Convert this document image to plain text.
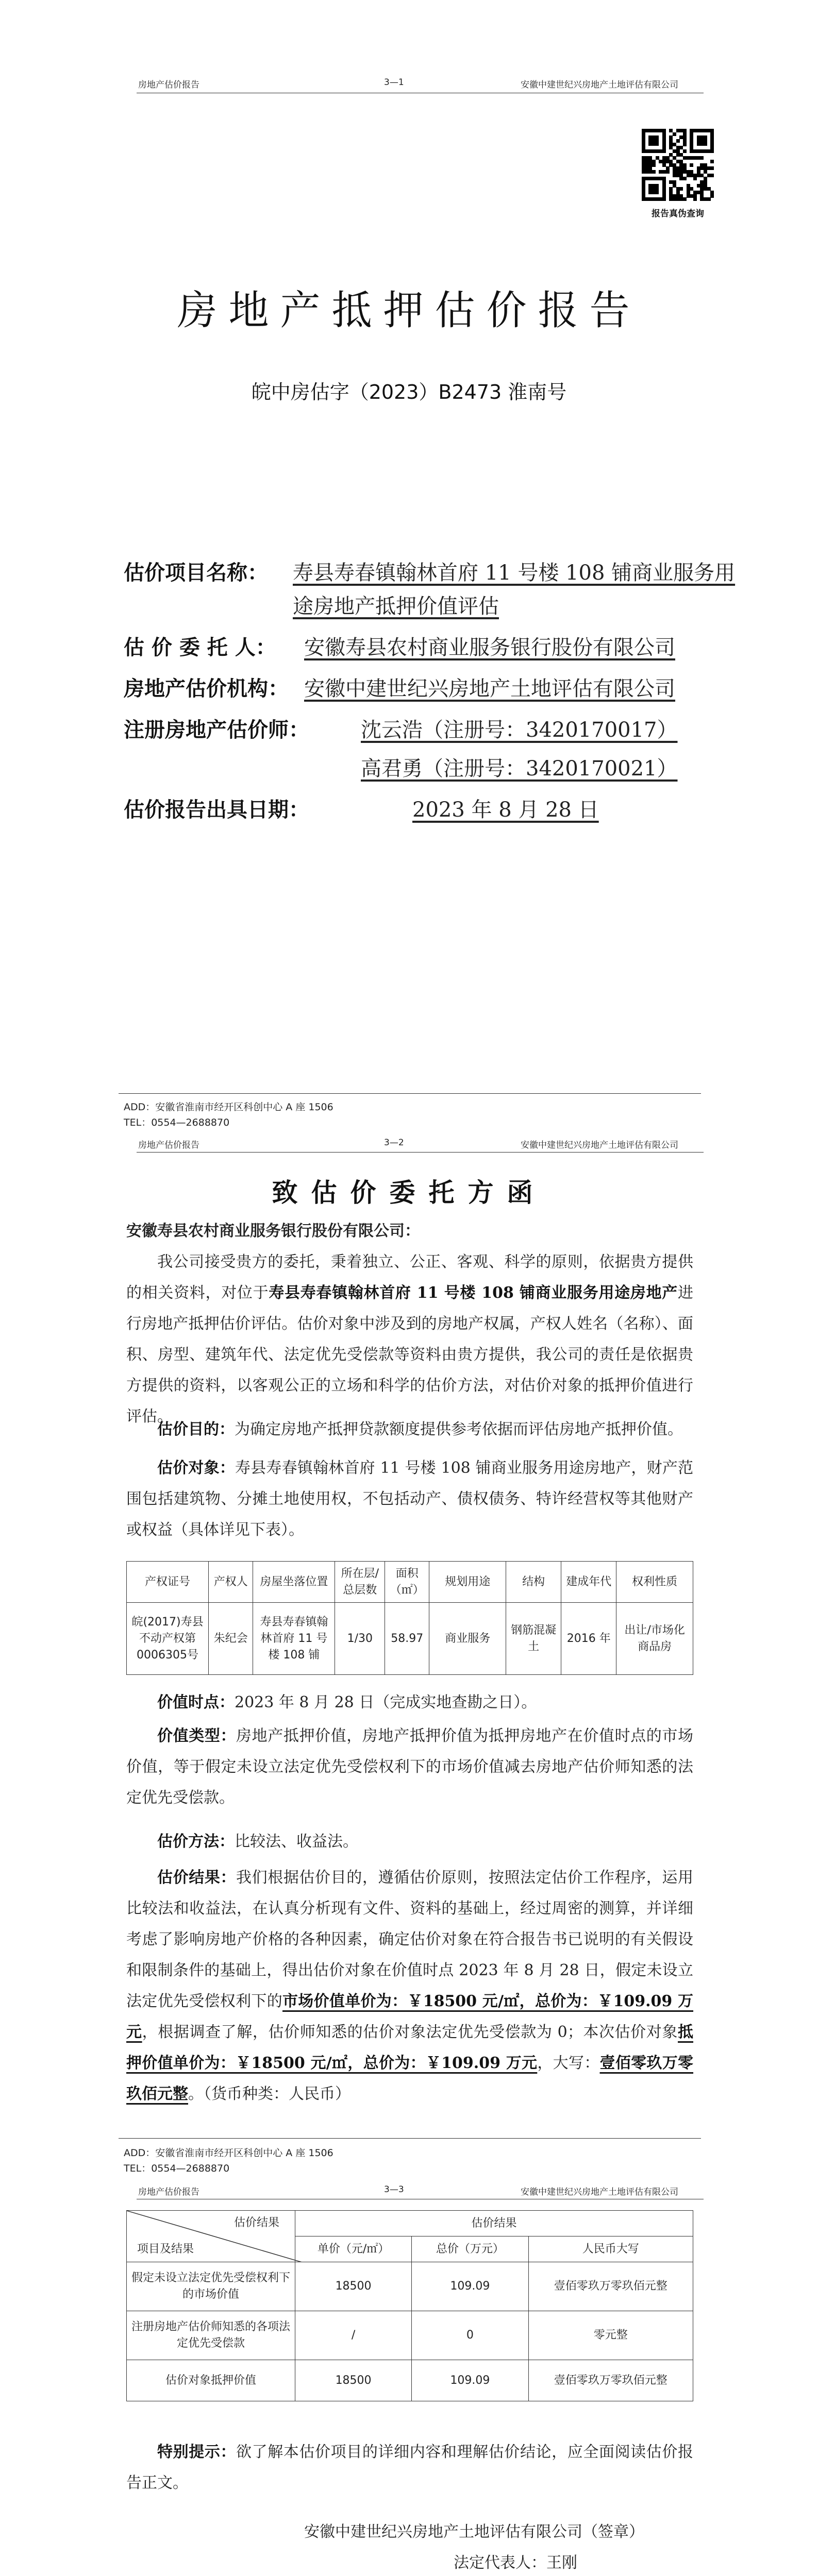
房地产估价报告	3—1	安徽中建世纪兴房地产土地评估有限公司
报告真伪查询
房地产抵押估价报告
皖中房估字（2023）B2473 淮南号
估价项目名称： 寿县寿春镇翰林首府 11 号楼 108 铺商业服务用
途房地产抵押价值评估
估 价 委 托 人： 安徽寿县农村商业服务银行股份有限公司
房地产估价机构： 安徽中建世纪兴房地产土地评估有限公司
注册房地产估价师：	沈云浩（注册号：3420170017）
高君勇（注册号：3420170021）
估价报告出具日期：	2023 年 8 月 28 日
ADD：安徽省淮南市经开区科创中心 A 座 1506
TEL：0554—2688870
房地产估价报告	3—2	安徽中建世纪兴房地产土地评估有限公司
致估价委托方函
安徽寿县农村商业服务银行股份有限公司：
我公司接受贵方的委托，秉着独立、公正、客观、科学的原则，依据贵方提供的相关资料，对位于寿县寿春镇翰林首府 11 号楼 108 铺商业服务用途房地产进行房地产抵押估价评估。估价对象中涉及到的房地产权属，产权人姓名（名称）、面积、房型、建筑年代、法定优先受偿款等资料由贵方提供，我公司的责任是依据贵方提供的资料，以客观公正的立场和科学的估价方法，对估价对象的抵押价值进行评估。
估价目的：为确定房地产抵押贷款额度提供参考依据而评估房地产抵押价值。
估价对象：寿县寿春镇翰林首府 11 号楼 108 铺商业服务用途房地产，财产范围包括建筑物、分摊土地使用权，不包括动产、债权债务、特许经营权等其他财产或权益（具体详见下表）。
产权证号	产权人	房屋坐落位置	所在层/总层数	面积（㎡）	规划用途	结构	建成年代	权利性质
皖(2017)寿县不动产权第0006305号	朱纪会	寿县寿春镇翰林首府 11 号楼 108 铺	1/30	58.97	商业服务	钢筋混凝土	2016 年	出让/市场化商品房
价值时点：2023 年 8 月 28 日（完成实地查勘之日）。
价值类型：房地产抵押价值，房地产抵押价值为抵押房地产在价值时点的市场价值，等于假定未设立法定优先受偿权利下的市场价值减去房地产估价师知悉的法定优先受偿款。
估价方法：比较法、收益法。
估价结果：我们根据估价目的，遵循估价原则，按照法定估价工作程序，运用比较法和收益法，在认真分析现有文件、资料的基础上，经过周密的测算，并详细考虑了影响房地产价格的各种因素，确定估价对象在符合报告书已说明的有关假设和限制条件的基础上，得出估价对象在价值时点 2023 年 8 月 28 日，假定未设立法定优先受偿权利下的市场价值单价为：￥18500 元/㎡，总价为：￥109.09 万元，根据调查了解，估价师知悉的估价对象法定优先受偿款为 0；本次估价对象抵押价值单价为：￥18500 元/㎡，总价为：￥109.09 万元，大写：壹佰零玖万零玖佰元整。（货币种类：人民币）
ADD：安徽省淮南市经开区科创中心 A 座 1506
TEL：0554—2688870
房地产估价报告	3—3	安徽中建世纪兴房地产土地评估有限公司
估价结果
项目及结果	估价结果		
	单价（元/㎡）	总价（万元）	人民币大写
假定未设立法定优先受偿权利下的市场价值	18500	109.09	壹佰零玖万零玖佰元整
注册房地产估价师知悉的各项法定优先受偿款	/	0	零元整
估价对象抵押价值	18500	109.09	壹佰零玖万零玖佰元整
特别提示：欲了解本估价项目的详细内容和理解估价结论，应全面阅读估价报告正文。
安徽中建世纪兴房地产土地评估有限公司（签章）
法定代表人：王刚
